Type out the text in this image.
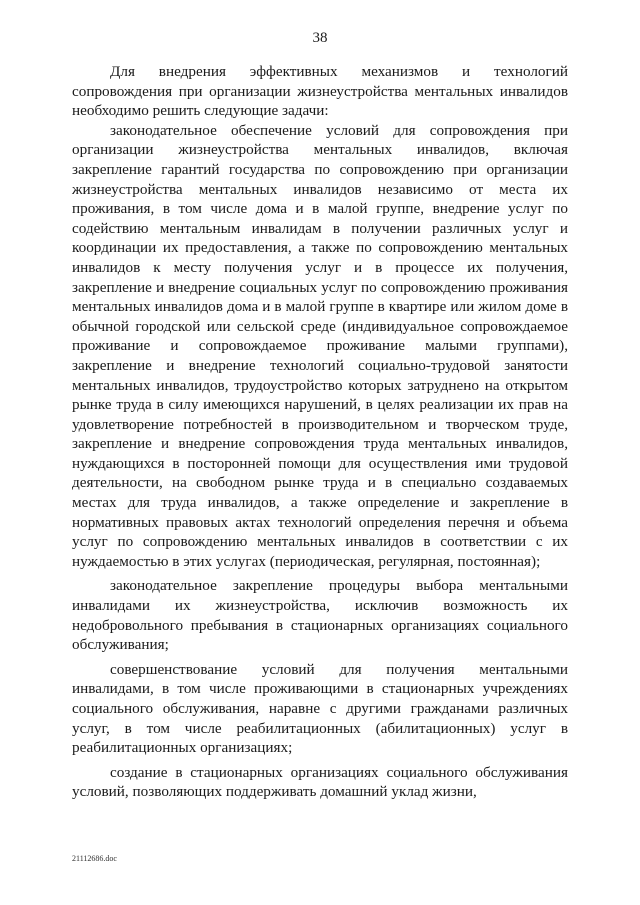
38

Для внедрения эффективных механизмов и технологий сопровождения при организации жизнеустройства ментальных инвалидов необходимо решить следующие задачи:

законодательное обеспечение условий для сопровождения при организации жизнеустройства ментальных инвалидов, включая закрепление гарантий государства по сопровождению при организации жизнеустройства ментальных инвалидов независимо от места их проживания, в том числе дома и в малой группе, внедрение услуг по содействию ментальным инвалидам в получении различных услуг и координации их предоставления, а также по сопровождению ментальных инвалидов к месту получения услуг и в процессе их получения, закрепление и внедрение социальных услуг по сопровождению проживания ментальных инвалидов дома и в малой группе в квартире или жилом доме в обычной городской или сельской среде (индивидуальное сопровождаемое проживание и сопровождаемое проживание малыми группами), закрепление и внедрение технологий социально-трудовой занятости ментальных инвалидов, трудоустройство которых затруднено на открытом рынке труда в силу имеющихся нарушений, в целях реализации их прав на удовлетворение потребностей в производительном и творческом труде, закрепление и внедрение сопровождения труда ментальных инвалидов, нуждающихся в посторонней помощи для осуществления ими трудовой деятельности, на свободном рынке труда и в специально создаваемых местах для труда инвалидов, а также определение и закрепление в нормативных правовых актах технологий определения перечня и объема услуг по сопровождению ментальных инвалидов в соответствии с их нуждаемостью в этих услугах (периодическая, регулярная, постоянная);

законодательное закрепление процедуры выбора ментальными инвалидами их жизнеустройства, исключив возможность их недобровольного пребывания в стационарных организациях социального обслуживания;

совершенствование условий для получения ментальными инвалидами, в том числе проживающими в стационарных учреждениях социального обслуживания, наравне с другими гражданами различных услуг, в том числе реабилитационных (абилитационных) услуг в реабилитационных организациях;

создание в стационарных организациях социального обслуживания условий, позволяющих поддерживать домашний уклад жизни,

21112686.doc
